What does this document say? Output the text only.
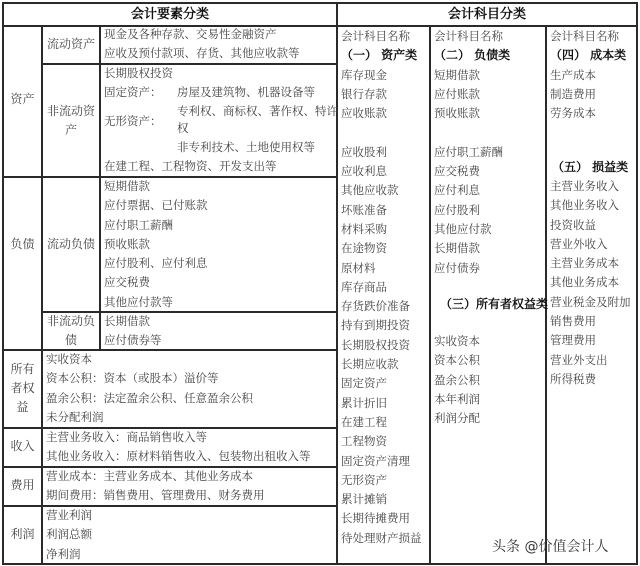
会计要素分类	会计科目分类
资产
流动资产
现金及各种存款、交易性金融资产
应收及预付款项、存货、其他应收款等
非流动资
产
长期股权投资
固定资产： 房屋及建筑物、机器设备等
无形资产：
专利权、商标权、著作权、特许
权
非专利技术、土地使用权等
在建工程、工程物资、开发支出等
负债	流动负债
短期借款
应付票据、已付账款
应付职工薪酬
预收账款
应付股利、应付利息
应交税费
其他应付款等
非流动负
债
长期借款
应付债券等
所有
者权
益
实收资本
资本公积：资本（或股本）溢价等
盈余公积：法定盈余公积、任意盈余公积
未分配利润
收入
主营业务收入：商品销售收入等
其他业务收入：原材料销售收入、包装物出租收入等
费用
营业成本：主营业务成本、其他业务成本
期间费用：销售费用、管理费用、财务费用
利润
营业利润
利润总额
净利润
会计科目名称
（一） 资产类
库存现金
银行存款
应收账款
应收股利
应收利息
其他应收款
坏账准备
材料采购
在途物资
原材料
库存商品
存货跌价准备
持有到期投资
长期股权投资
长期应收款
固定资产
累计折旧
在建工程
工程物资
固定资产清理
无形资产
累计摊销
长期待摊费用
待处理财产损益
会计科目名称
（二） 负债类
短期借款
应付账款
预收账款
应付职工薪酬
应交税费
应付利息
应付股利
其他应付款
长期借款
应付债券
（三）所有者权益类
实收资本
资本公积
盈余公积
本年利润
利润分配
会计科目名称
（四） 成本类
生产成本
制造费用
劳务成本
（五） 损益类
主营业务收入
其他业务收入
投资收益
营业外收入
主营业务成本
其他业务成本
营业税金及附加
销售费用
管理费用
营业外支出
所得税费
头条 @价值会计人
